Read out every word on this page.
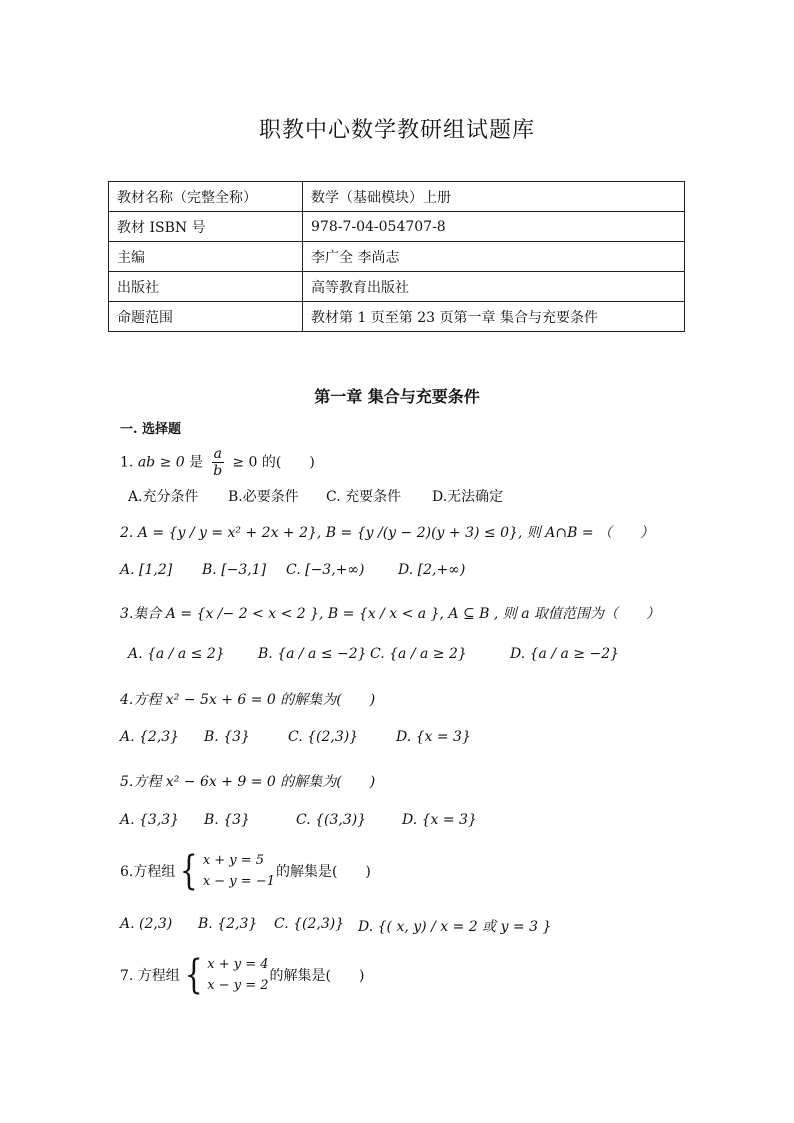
职教中心数学教研组试题库
教材名称（完整全称）	数学（基础模块）上册
教材 ISBN 号	978-7-04-054707-8
主编	李广全 李尚志
出版社	高等教育出版社
命题范围	教材第 1 页至第 23 页第一章 集合与充要条件
第一章 集合与充要条件
一. 选择题
1. ab ≥ 0 是 $\frac{a}{b} \ge 0$ 的(　　)
A.充分条件	B.必要条件	C. 充要条件	D.无法确定
2. A = {y / y = x² + 2x + 2}, B = {y /(y − 2)(y + 3) ≤ 0}, 则 A∩B = （　　）
A. [1,2]	B. [−3,1]	C. [−3,+∞)	D. [2,+∞)
3.集合 A = {x /− 2 < x < 2 }, B = {x / x < a }, A ⊆ B , 则 a 取值范围为（　　）
A. {a / a ≤ 2}	B. {a / a ≤ −2} C. {a / a ≥ 2}	D. {a / a ≥ −2}
4.方程 x² − 5x + 6 = 0 的解集为(　　)
A. {2,3}	B. {3}	C. {(2,3)}	D. {x = 3}
5.方程 x² − 6x + 9 = 0 的解集为(　　)
A. {3,3}	B. {3}	C. {(3,3)}	D. {x = 3}
6.方程组 { x + y = 5
x − y = −1
的解集是(　　)
A. (2,3)	B. {2,3}	C. {(2,3)} D. {( x, y) / x = 2 或 y = 3 }
7. 方程组 { x + y = 4
x − y = 2
的解集是(　　)
